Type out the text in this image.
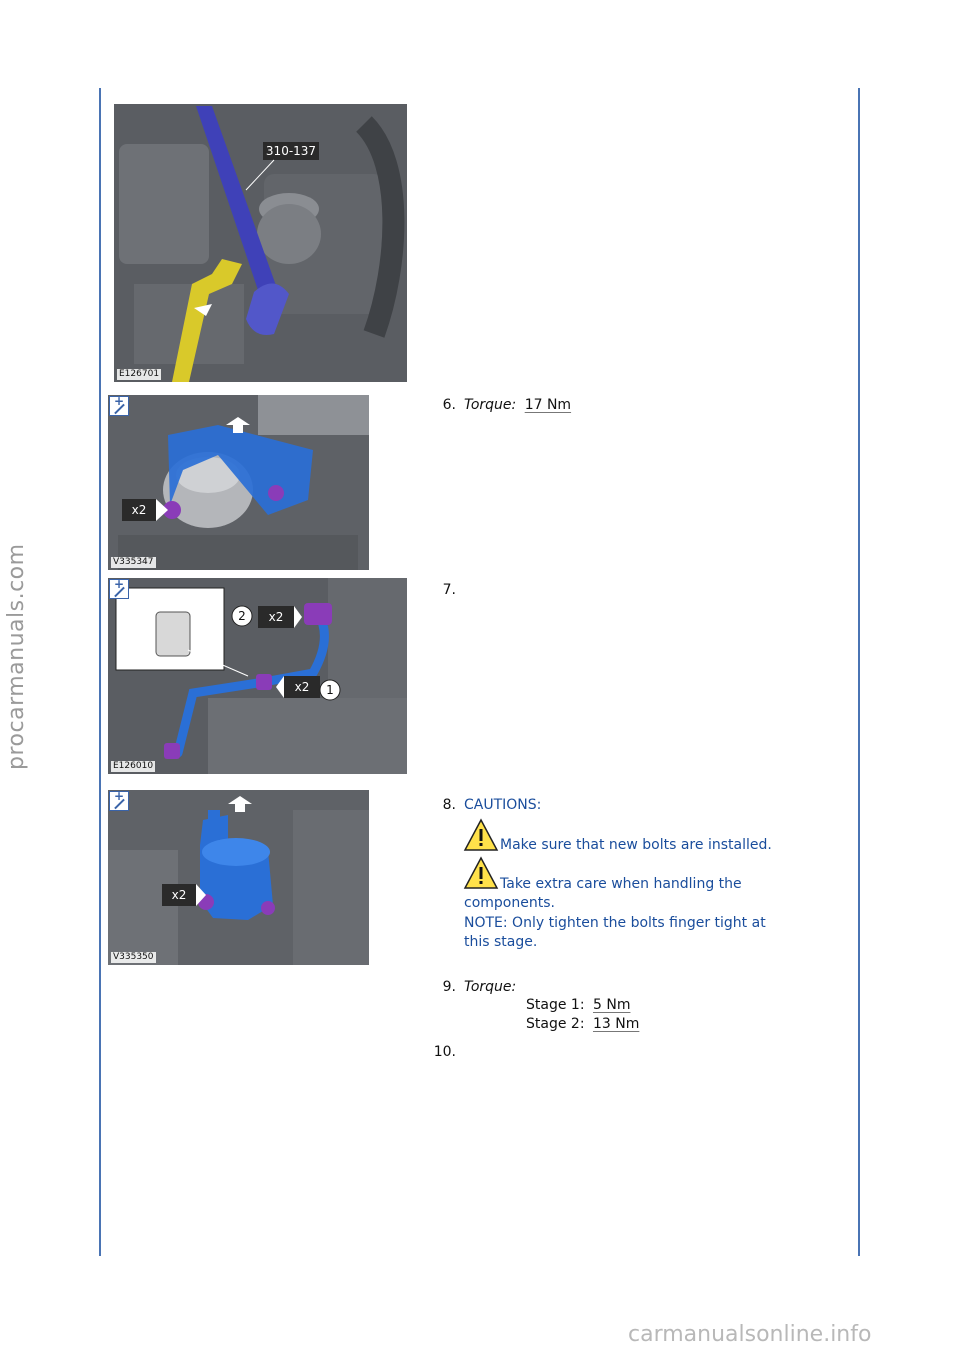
procarmanuals.com
carmanualsonline.info
310-137
E126701
x2
+
V335347
x2
x2
2
1
+
E126010
x2
+
V335350
6. Torque: 17 Nm
7.
8. CAUTIONS:
Make sure that new bolts are installed.
Take extra care when handling the
components.
NOTE: Only tighten the bolts finger tight at
this stage.
9. Torque:
Stage 1: 5 Nm
Stage 2: 13 Nm
10.
